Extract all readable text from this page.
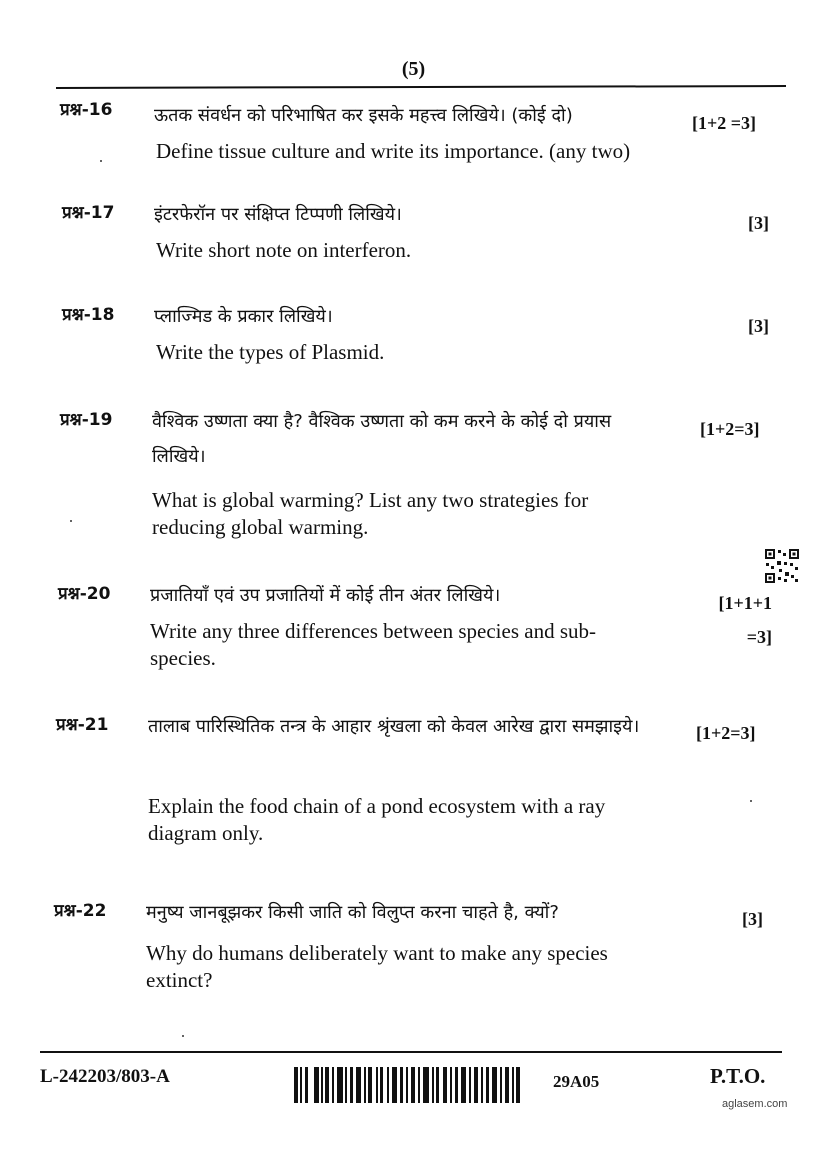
(5)
प्रश्न-16 ऊतक संवर्धन को परिभाषित कर इसके महत्त्व लिखिये। (कोई दो)
Define tissue culture and write its importance. (any two)
[1+2 =3]
प्रश्न-17 इंटरफेरॉन पर संक्षिप्त टिप्पणी लिखिये।
Write short note on interferon.
[3]
प्रश्न-18 प्लाज्मिड के प्रकार लिखिये।
Write the types of Plasmid.
[3]
प्रश्न-19 वैश्विक उष्णता क्या है? वैश्विक उष्णता को कम करने के कोई दो प्रयास लिखिये।
What is global warming? List any two strategies for reducing global warming.
[1+2=3]
प्रश्न-20 प्रजातियाँ एवं उप प्रजातियों में कोई तीन अंतर लिखिये।
Write any three differences between species and sub-species.
[1+1+1 =3]
प्रश्न-21 तालाब पारिस्थितिक तन्त्र के आहार श्रृंखला को केवल आरेख द्वारा समझाइये।
Explain the food chain of a pond ecosystem with a ray diagram only.
[1+2=3]
प्रश्न-22 मनुष्य जानबूझकर किसी जाति को विलुप्त करना चाहते है, क्यों?
Why do humans deliberately want to make any species extinct?
[3]
L-242203/803-A	29A05	P.T.O.
aglasem.com
